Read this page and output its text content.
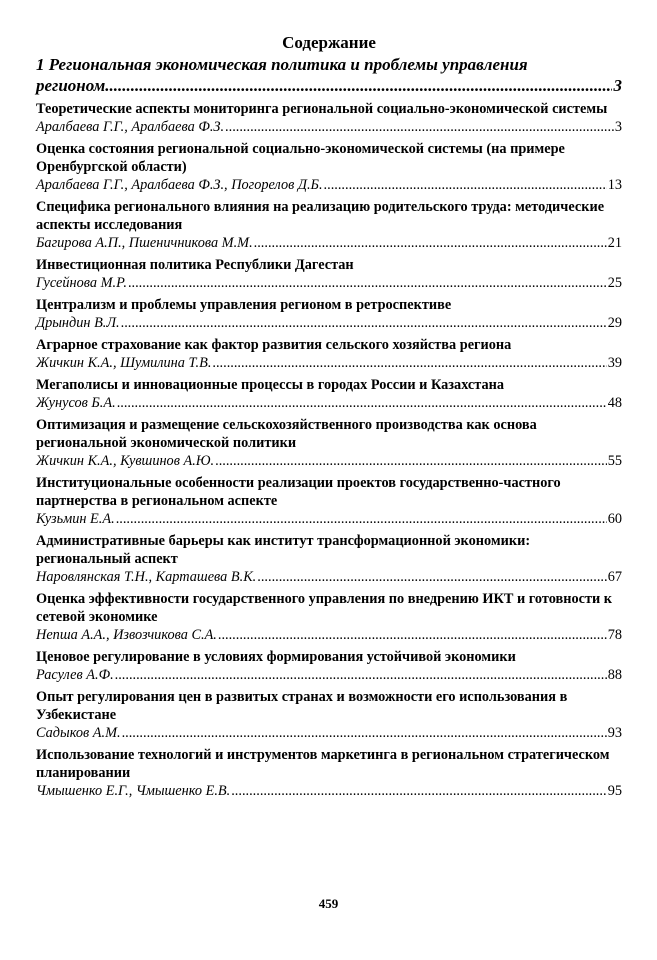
Содержание
1 Региональная экономическая политика и проблемы управления
регионом .....	3
Теоретические аспекты мониторинга региональной социально-экономической системы
Аралбаева Г.Г., Аралбаева Ф.З. .....	3
Оценка состояния региональной социально-экономической системы (на примере Оренбургской области)
Аралбаева Г.Г., Аралбаева Ф.З., Погорелов Д.Б. .....	13
Специфика регионального влияния на реализацию родительского труда: методические аспекты исследования
Багирова А.П., Пшеничникова М.М. .....	21
Инвестиционная политика Республики Дагестан
Гусейнова М.Р. .....	25
Централизм и проблемы управления регионом в ретроспективе
Дрындин В.Л. .....	29
Аграрное страхование как фактор развития сельского хозяйства региона
Жичкин К.А., Шумилина Т.В. .....	39
Мегаполисы и инновационные процессы в городах России и Казахстана
Жунусов Б.А. .....	48
Оптимизация и размещение сельскохозяйственного производства как основа региональной экономической политики
Жичкин К.А., Кувшинов А.Ю. .....	55
Институциональные особенности реализации проектов государственно-частного партнерства в региональном аспекте
Кузьмин Е.А. .....	60
Административные барьеры как институт трансформационной экономики: региональный аспект
Наровлянская Т.Н., Карташева В.К. .....	67
Оценка эффективности государственного управления по внедрению ИКТ и готовности к сетевой экономике
Непша А.А., Извозчикова С.А. .....	78
Ценовое регулирование в условиях формирования устойчивой экономики
Расулев А.Ф. .....	88
Опыт регулирования цен в развитых странах и возможности его использования в Узбекистане
Садыков А.М. .....	93
Использование технологий и инструментов маркетинга в региональном стратегическом планировании
Чмышенко Е.Г., Чмышенко Е.В. .....	95
459
